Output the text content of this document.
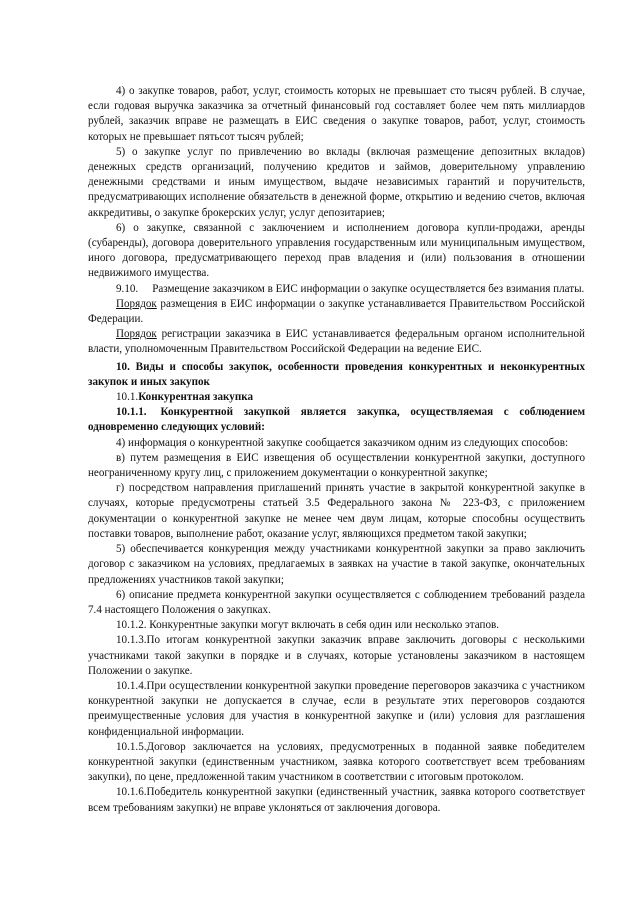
4) о закупке товаров, работ, услуг, стоимость которых не превышает сто тысяч рублей. В случае, если годовая выручка заказчика за отчетный финансовый год составляет более чем пять миллиардов рублей, заказчик вправе не размещать в ЕИС сведения о закупке товаров, работ, услуг, стоимость которых не превышает пятьсот тысяч рублей;

5) о закупке услуг по привлечению во вклады (включая размещение депозитных вкладов) денежных средств организаций, получению кредитов и займов, доверительному управлению денежными средствами и иным имуществом, выдаче независимых гарантий и поручительств, предусматривающих исполнение обязательств в денежной форме, открытию и ведению счетов, включая аккредитивы, о закупке брокерских услуг, услуг депозитариев;

6) о закупке, связанной с заключением и исполнением договора купли-продажи, аренды (субаренды), договора доверительного управления государственным или муниципальным имуществом, иного договора, предусматривающего переход прав владения и (или) пользования в отношении недвижимого имущества.

9.10. Размещение заказчиком в ЕИС информации о закупке осуществляется без взимания платы.

Порядок размещения в ЕИС информации о закупке устанавливается Правительством Российской Федерации.

Порядок регистрации заказчика в ЕИС устанавливается федеральным органом исполнительной власти, уполномоченным Правительством Российской Федерации на ведение ЕИС.

10. Виды и способы закупок, особенности проведения конкурентных и неконкурентных закупок и иных закупок

10.1.Конкурентная закупка

10.1.1. Конкурентной закупкой является закупка, осуществляемая с соблюдением одновременно следующих условий:

4) информация о конкурентной закупке сообщается заказчиком одним из следующих способов:

в) путем размещения в ЕИС извещения об осуществлении конкурентной закупки, доступного неограниченному кругу лиц, с приложением документации о конкурентной закупке;

г) посредством направления приглашений принять участие в закрытой конкурентной закупке в случаях, которые предусмотрены статьей 3.5 Федерального закона № 223-ФЗ, с приложением документации о конкурентной закупке не менее чем двум лицам, которые способны осуществить поставки товаров, выполнение работ, оказание услуг, являющихся предметом такой закупки;

5) обеспечивается конкуренция между участниками конкурентной закупки за право заключить договор с заказчиком на условиях, предлагаемых в заявках на участие в такой закупке, окончательных предложениях участников такой закупки;

6) описание предмета конкурентной закупки осуществляется с соблюдением требований раздела 7.4 настоящего Положения о закупках.

10.1.2. Конкурентные закупки могут включать в себя один или несколько этапов.

10.1.3.По итогам конкурентной закупки заказчик вправе заключить договоры с несколькими участниками такой закупки в порядке и в случаях, которые установлены заказчиком в настоящем Положении о закупке.

10.1.4.При осуществлении конкурентной закупки проведение переговоров заказчика с участником конкурентной закупки не допускается в случае, если в результате этих переговоров создаются преимущественные условия для участия в конкурентной закупке и (или) условия для разглашения конфиденциальной информации.

10.1.5.Договор заключается на условиях, предусмотренных в поданной заявке победителем конкурентной закупки (единственным участником, заявка которого соответствует всем требованиям закупки), по цене, предложенной таким участником в соответствии с итоговым протоколом.

10.1.6.Победитель конкурентной закупки (единственный участник, заявка которого соответствует всем требованиям закупки) не вправе уклоняться от заключения договора.
